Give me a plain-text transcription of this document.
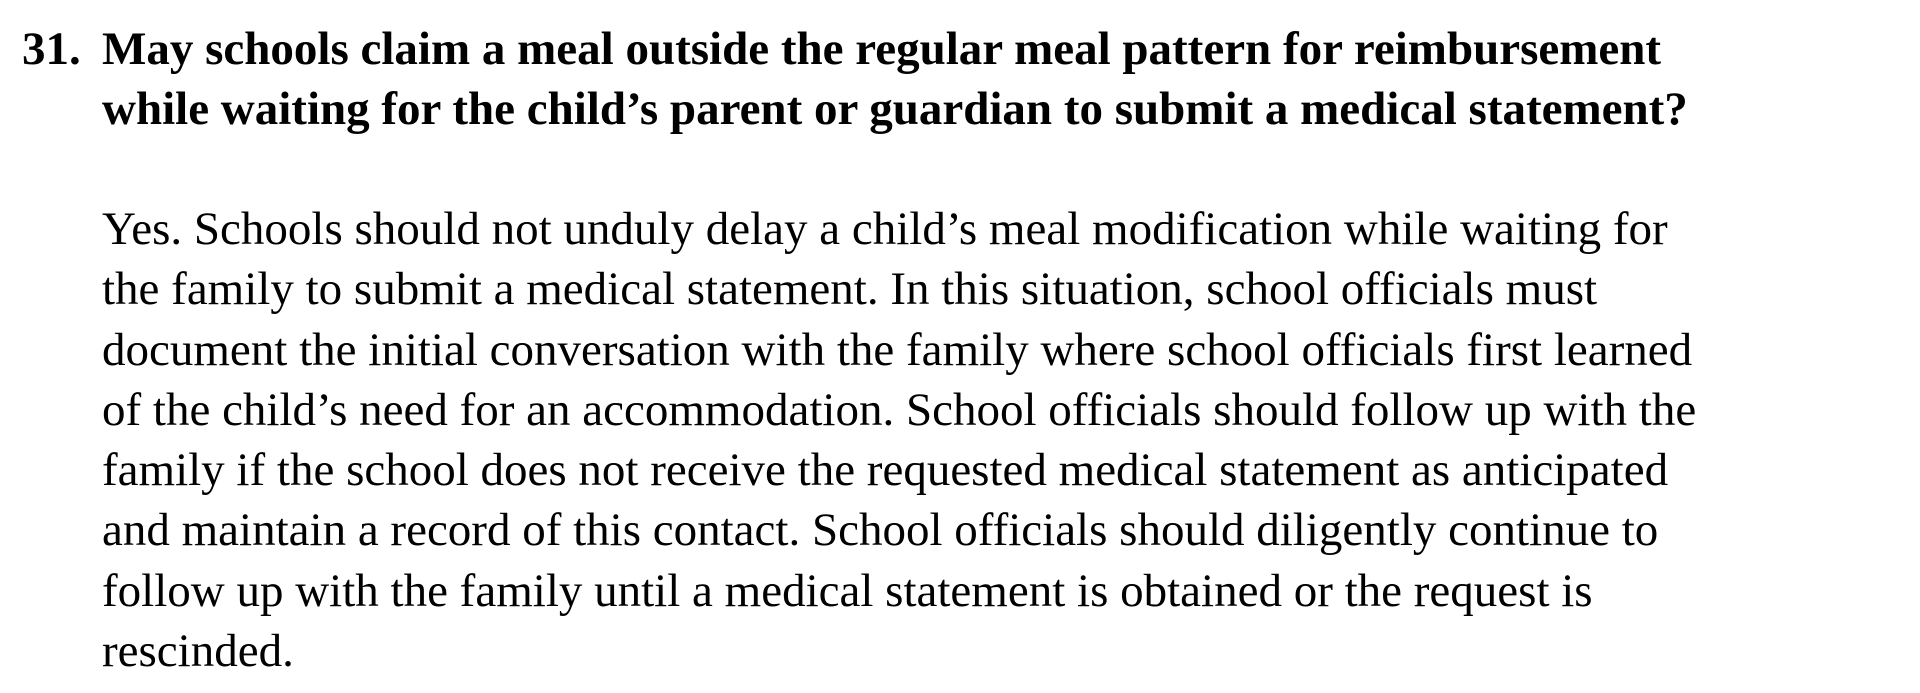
31. May schools claim a meal outside the regular meal pattern for reimbursement
while waiting for the child’s parent or guardian to submit a medical statement?
Yes. Schools should not unduly delay a child’s meal modification while waiting for
the family to submit a medical statement. In this situation, school officials must
document the initial conversation with the family where school officials first learned
of the child’s need for an accommodation. School officials should follow up with the
family if the school does not receive the requested medical statement as anticipated
and maintain a record of this contact. School officials should diligently continue to
follow up with the family until a medical statement is obtained or the request is
rescinded.
